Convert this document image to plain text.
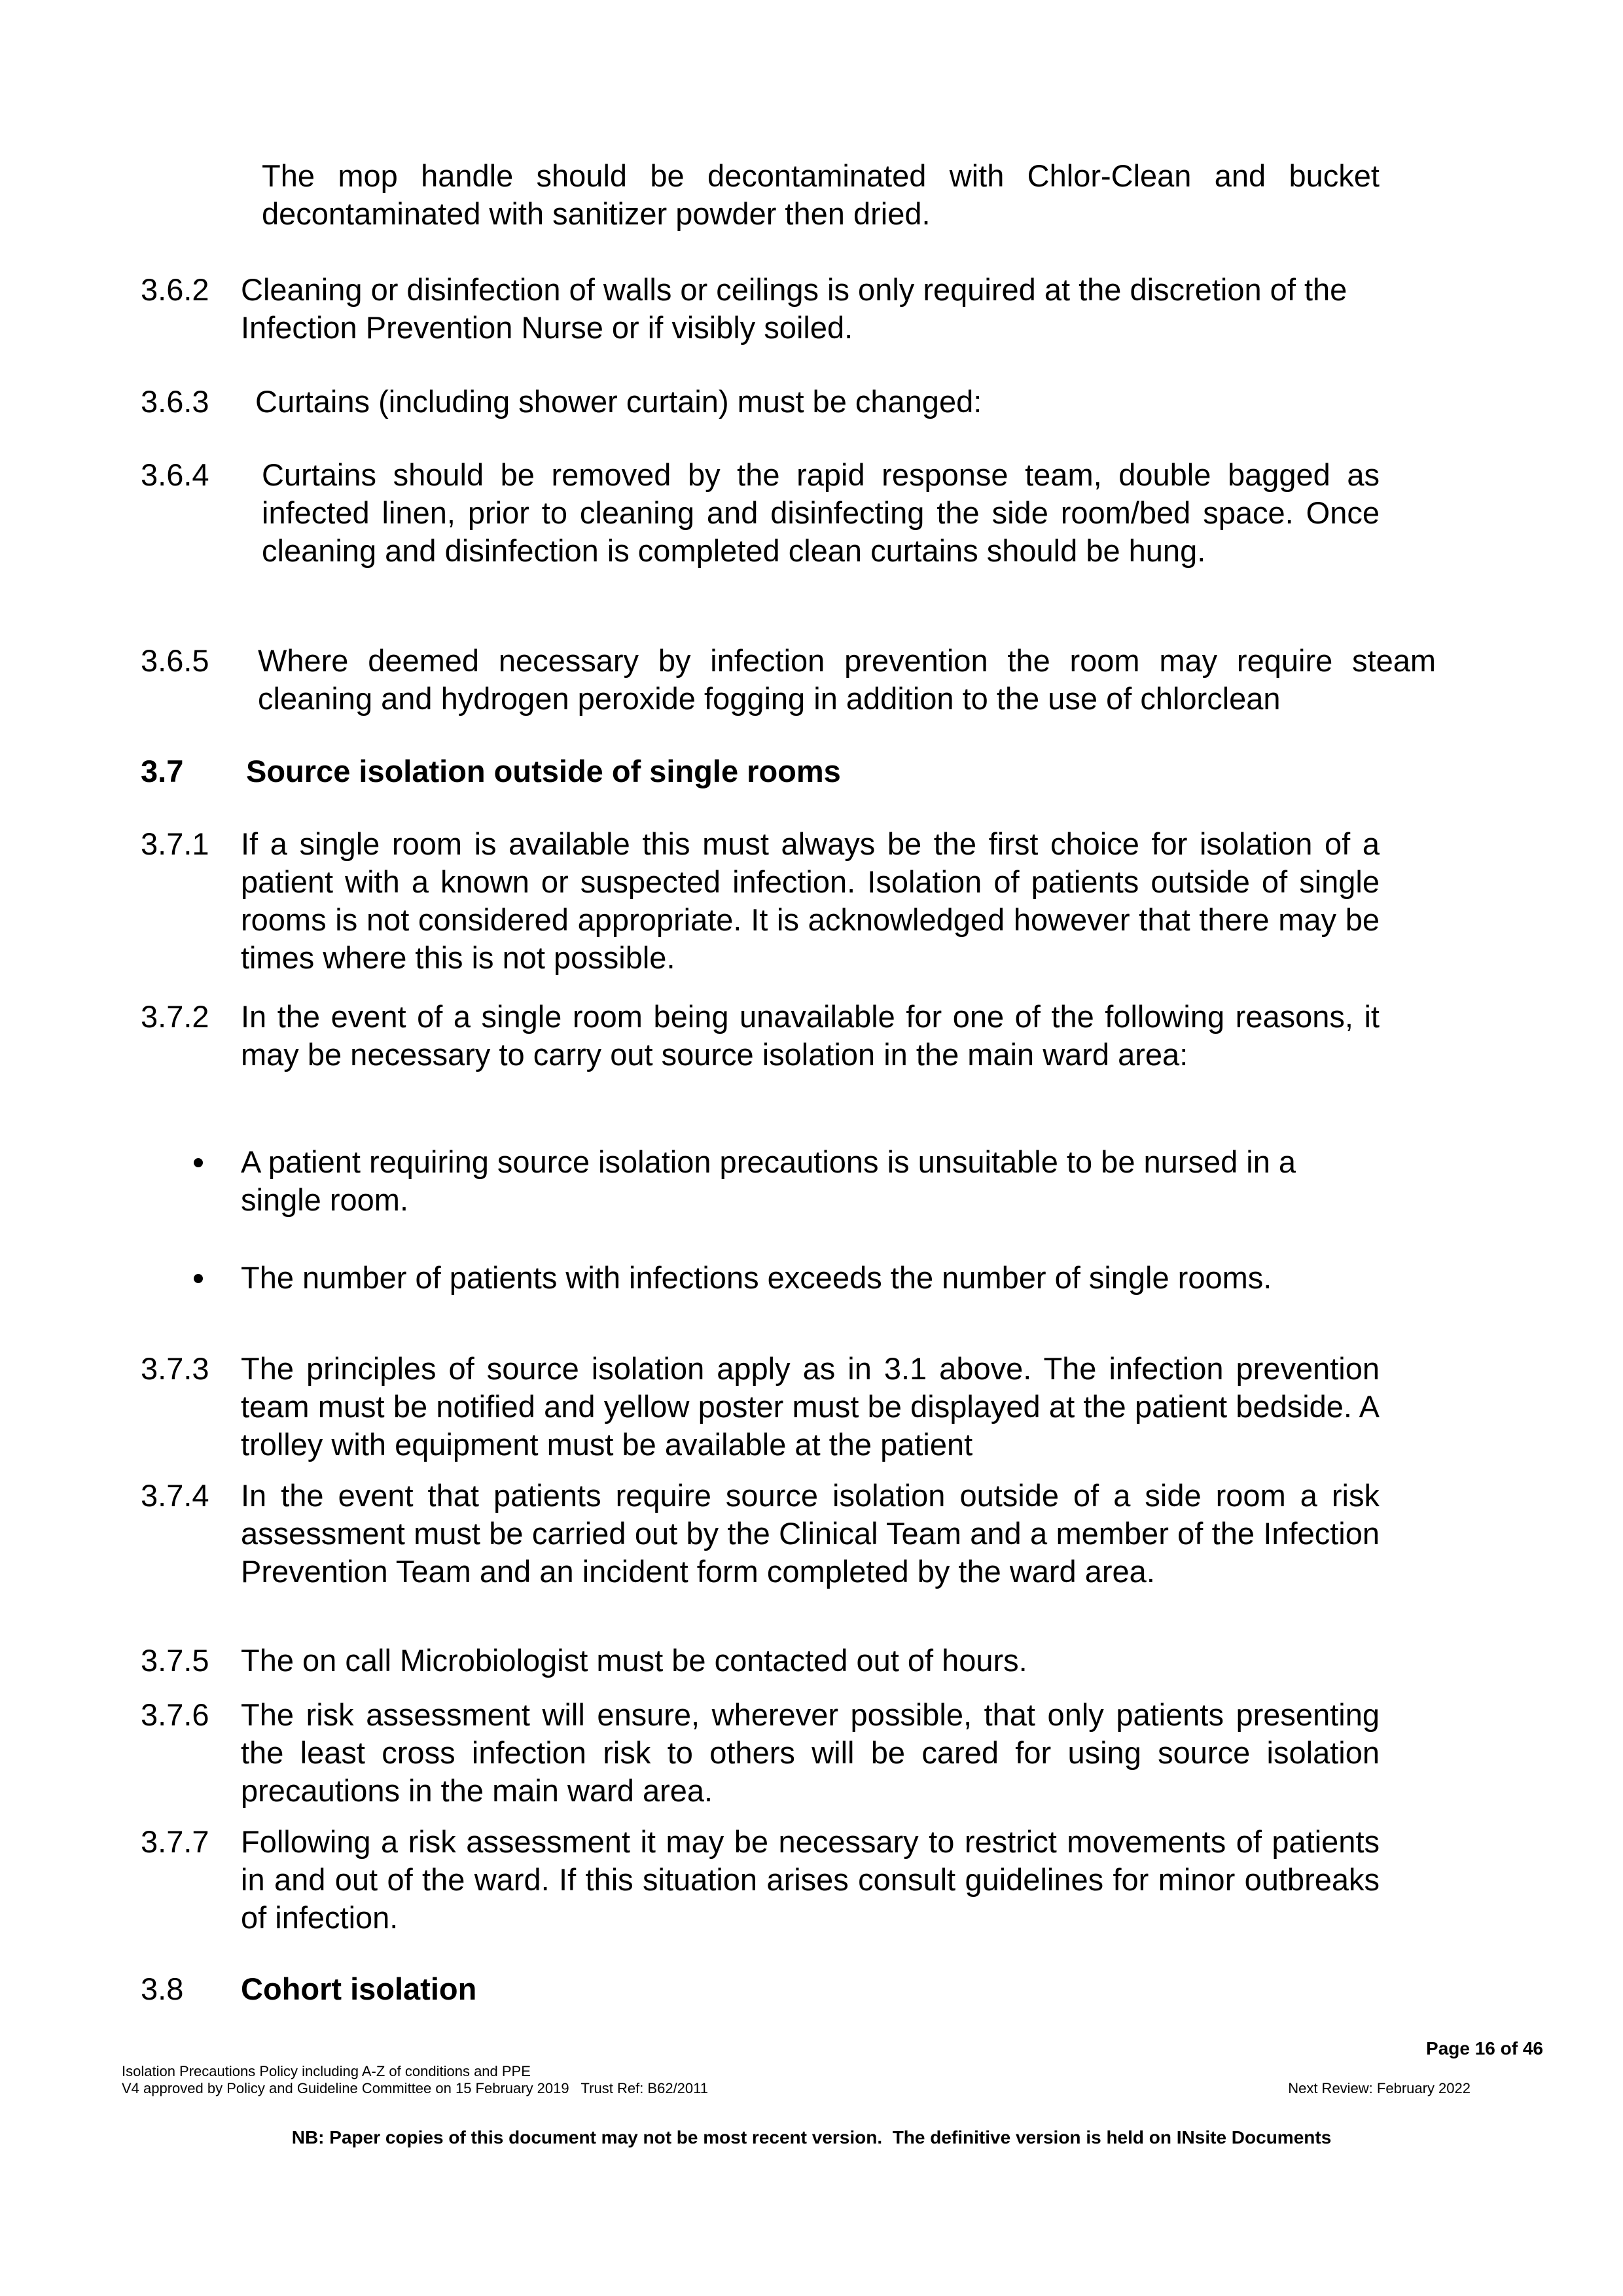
The mop handle should be decontaminated with Chlor-Clean and bucket decontaminated with sanitizer powder then dried.
3.6.2 Cleaning or disinfection of walls or ceilings is only required at the discretion of the Infection Prevention Nurse or if visibly soiled.
3.6.3 Curtains (including shower curtain) must be changed:
3.6.4 Curtains should be removed by the rapid response team, double bagged as infected linen, prior to cleaning and disinfecting the side room/bed space. Once cleaning and disinfection is completed clean curtains should be hung.
3.6.5 Where deemed necessary by infection prevention the room may require steam cleaning and hydrogen peroxide fogging in addition to the use of chlorclean
3.7 Source isolation outside of single rooms
3.7.1 If a single room is available this must always be the first choice for isolation of a patient with a known or suspected infection. Isolation of patients outside of single rooms is not considered appropriate. It is acknowledged however that there may be times where this is not possible.
3.7.2 In the event of a single room being unavailable for one of the following reasons, it     may be necessary to carry out source isolation in the main ward area:
A patient requiring source isolation precautions is unsuitable to be nursed in a single room.
The number of patients with infections exceeds the number of single rooms.
3.7.3 The principles of source isolation apply as in 3.1 above. The infection prevention team must be notified and yellow poster must be displayed at the patient bedside. A trolley with equipment must be available at the patient
3.7.4 In the event that patients require source isolation outside of a side room a risk assessment must be carried out by the Clinical Team and a member of the Infection Prevention Team and an incident form completed by the ward area.
3.7.5 The on call Microbiologist must be contacted out of hours.
3.7.6 The risk assessment will ensure, wherever possible, that only patients presenting the least cross infection risk to others will be cared for using source isolation precautions in the main ward area.
3.7.7 Following a risk assessment it may be necessary to restrict movements of patients in and out of the ward. If this situation arises consult guidelines for minor outbreaks of infection.
3.8 Cohort isolation
Page 16 of 46
Isolation Precautions Policy including A-Z of conditions and PPE
V4 approved by Policy and Guideline Committee on 15 February 2019   Trust Ref: B62/2011	Next Review: February 2022
NB: Paper copies of this document may not be most recent version.  The definitive version is held on INsite Documents
